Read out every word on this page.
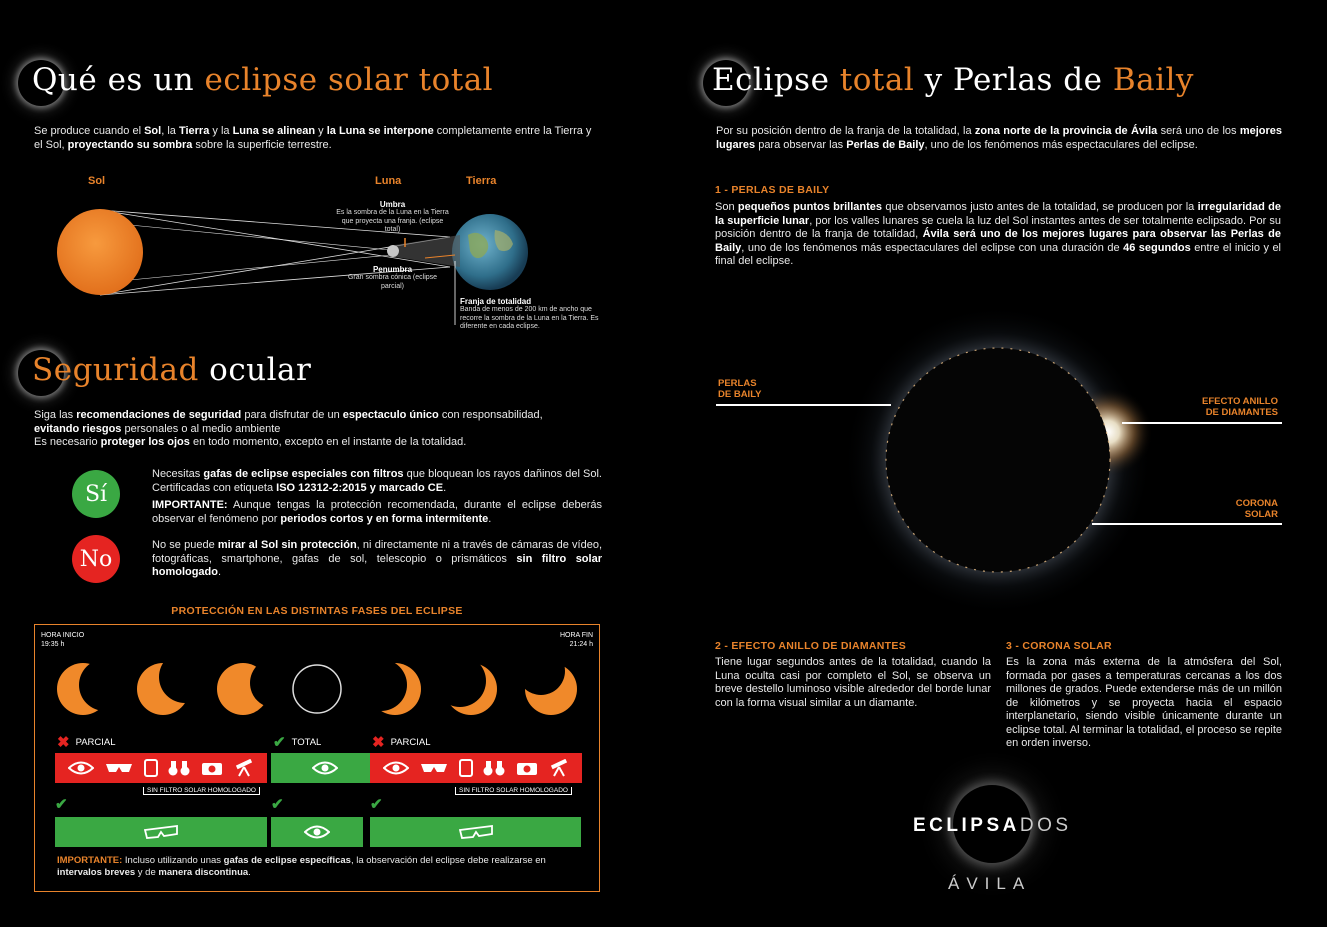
Qué es un eclipse solar total
Se produce cuando el Sol, la Tierra y la Luna se alinean y la Luna se interpone completamente entre la Tierra y el Sol, proyectando su sombra sobre la superficie terrestre.
Sol	Luna	Tierra
Umbra
Es la sombra de la Luna en la Tierra que proyecta una franja. (eclipse total)
Penumbra
Gran sombra cónica (eclipse parcial)
Franja de totalidad
Banda de menos de 200 km de ancho que recorre la sombra de la Luna en la Tierra. Es diferente en cada eclipse.
Seguridad ocular
Siga las recomendaciones de seguridad para disfrutar de un espectaculo único con responsabilidad,
evitando riesgos personales o al medio ambiente
Es necesario proteger los ojos en todo momento, excepto en el instante de la totalidad.
Sí
Necesitas gafas de eclipse especiales con filtros que bloquean los rayos dañinos del Sol. Certificadas con etiqueta ISO 12312-2:2015 y marcado CE.
IMPORTANTE: Aunque tengas la protección recomendada, durante el eclipse deberás observar el fenómeno por periodos cortos y en forma intermitente.
No
No se puede mirar al Sol sin protección, ni directamente ni a través de cámaras de vídeo, fotográficas, smartphone, gafas de sol, telescopio o prismáticos sin filtro solar homologado.
PROTECCIÓN EN LAS DISTINTAS FASES DEL ECLIPSE
HORA INICIO
19:35 h
HORA FIN
21:24 h
✖ PARCIAL	✔ TOTAL	✖ PARCIAL
SIN FILTRO SOLAR HOMOLOGADO	SIN FILTRO SOLAR HOMOLOGADO
✔	✔	✔
IMPORTANTE: Incluso utilizando unas gafas de eclipse específicas, la observación del eclipse debe realizarse en intervalos breves y de manera discontinua.
Eclipse total y Perlas de Baily
Por su posición dentro de la franja de la totalidad, la zona norte de la provincia de Ávila será uno de los mejores lugares para observar las Perlas de Baily, uno de los fenómenos más espectaculares del eclipse.
1 - PERLAS DE BAILY
Son pequeños puntos brillantes que observamos justo antes de la totalidad, se producen por la irregularidad de la superficie lunar, por los valles lunares se cuela la luz del Sol instantes antes de ser totalmente eclipsado. Por su posición dentro de la franja de totalidad, Ávila será uno de los mejores lugares para observar las Perlas de Baily, uno de los fenómenos más espectaculares del eclipse con una duración de 46 segundos entre el inicio y el final del eclipse.
PERLAS
DE BAILY
EFECTO ANILLO
DE DIAMANTES
CORONA
SOLAR
2 - EFECTO ANILLO DE DIAMANTES
Tiene lugar segundos antes de la totalidad, cuando la Luna oculta casi por completo el Sol, se observa un breve destello luminoso visible alrededor del borde lunar con la forma visual similar a un diamante.
3 - CORONA SOLAR
Es la zona más externa de la atmósfera del Sol, formada por gases a temperaturas cercanas a los dos millones de grados. Puede extenderse más de un millón de kilómetros y se proyecta hacia el espacio interplanetario, siendo visible únicamente durante un eclipse total. Al terminar la totalidad, el proceso se repite en orden inverso.
ECLIPSADOS
ÁVILA
